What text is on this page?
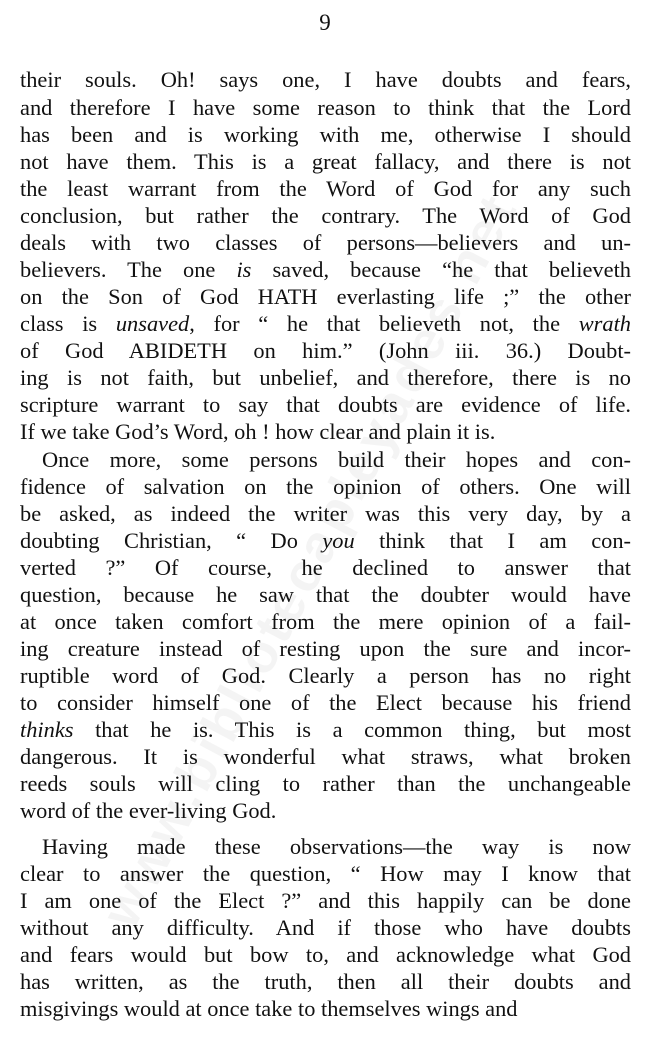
9
their souls. Oh! says one, I have doubts and fears,
and therefore I have some reason to think that the Lord
has been and is working with me, otherwise I should
not have them. This is a great fallacy, and there is not
the least warrant from the Word of God for any such
conclusion, but rather the contrary. The Word of God
deals with two classes of persons—believers and un-
believers. The one is saved, because “he that believeth
on the Son of God HATH everlasting life ;” the other
class is unsaved, for “ he that believeth not, the wrath
of God ABIDETH on him.” (John iii. 36.) Doubt-
ing is not faith, but unbelief, and therefore, there is no
scripture warrant to say that doubts are evidence of life.
If we take God’s Word, oh ! how clear and plain it is.
Once more, some persons build their hopes and con-
fidence of salvation on the opinion of others. One will
be asked, as indeed the writer was this very day, by a
doubting Christian, “ Do you think that I am con-
verted ?” Of course, he declined to answer that
question, because he saw that the doubter would have
at once taken comfort from the mere opinion of a fail-
ing creature instead of resting upon the sure and incor-
ruptible word of God. Clearly a person has no right
to consider himself one of the Elect because his friend
thinks that he is. This is a common thing, but most
dangerous. It is wonderful what straws, what broken
reeds souls will cling to rather than the unchangeable
word of the ever-living God.
Having made these observations—the way is now
clear to answer the question, “ How may I know that
I am one of the Elect ?” and this happily can be done
without any difficulty. And if those who have doubts
and fears would but bow to, and acknowledge what God
has written, as the truth, then all their doubts and
misgivings would at once take to themselves wings and
